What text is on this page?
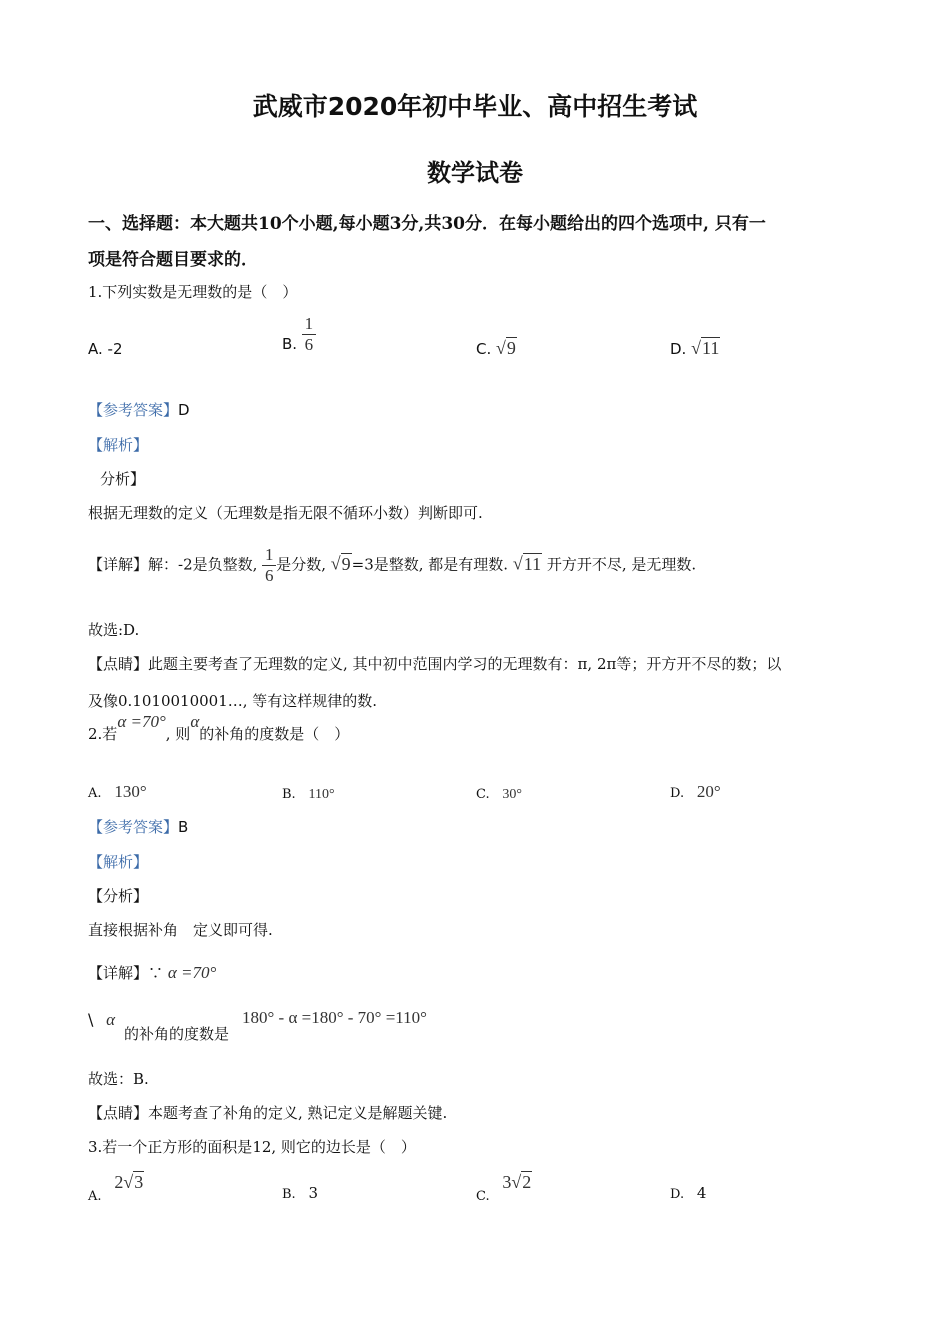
武威市2020年初中毕业、高中招生考试
数学试卷
一、选择题：本大题共10个小题,每小题3分,共30分．在每小题给出的四个选项中, 只有一
项是符合题目要求的．
1.下列实数是无理数的是（　）
A. -2	B. $\frac{1}{6}$	C. √9	D. √11
【参考答案】D
【解析】
分析】
根据无理数的定义（无理数是指无限不循环小数）判断即可.
【详解】解：-2是负整数, $\frac{1}{6}$ 是分数, √9=3是整数, 都是有理数. √11 开方开不尽, 是无理数.
故选:D.
【点睛】此题主要考查了无理数的定义, 其中初中范围内学习的无理数有：π, 2π等；开方开不尽的数；以
及像0.1010010001…, 等有这样规律的数.
2.若α =70°, 则α的补角的度数是（　）
A. 130°	B. 110°	C. 30°	D. 20°
【参考答案】B
【解析】
【分析】
直接根据补角　定义即可得.
【详解】∵ α =70°
\ α
的补角的度数是
180° - α =180° - 70° =110°
故选：B.
【点睛】本题考查了补角的定义, 熟记定义是解题关键.
3.若一个正方形的面积是12, 则它的边长是（　）
A. 2√3
B. 3	C. 3√2
D. 4
